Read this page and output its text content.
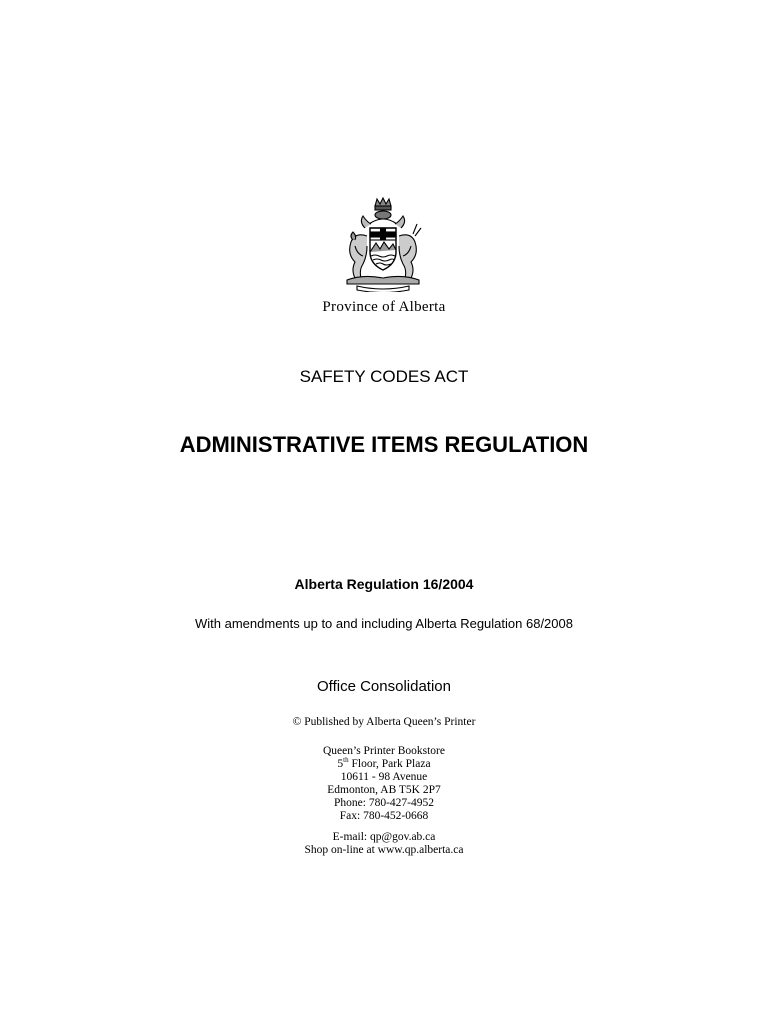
Province of Alberta
SAFETY CODES ACT
ADMINISTRATIVE ITEMS REGULATION
Alberta Regulation 16/2004
With amendments up to and including Alberta Regulation 68/2008
Office Consolidation
© Published by Alberta Queen’s Printer
Queen’s Printer Bookstore
5th Floor, Park Plaza
10611 - 98 Avenue
Edmonton, AB T5K 2P7
Phone: 780-427-4952
Fax: 780-452-0668
E-mail: qp@gov.ab.ca
Shop on-line at www.qp.alberta.ca
